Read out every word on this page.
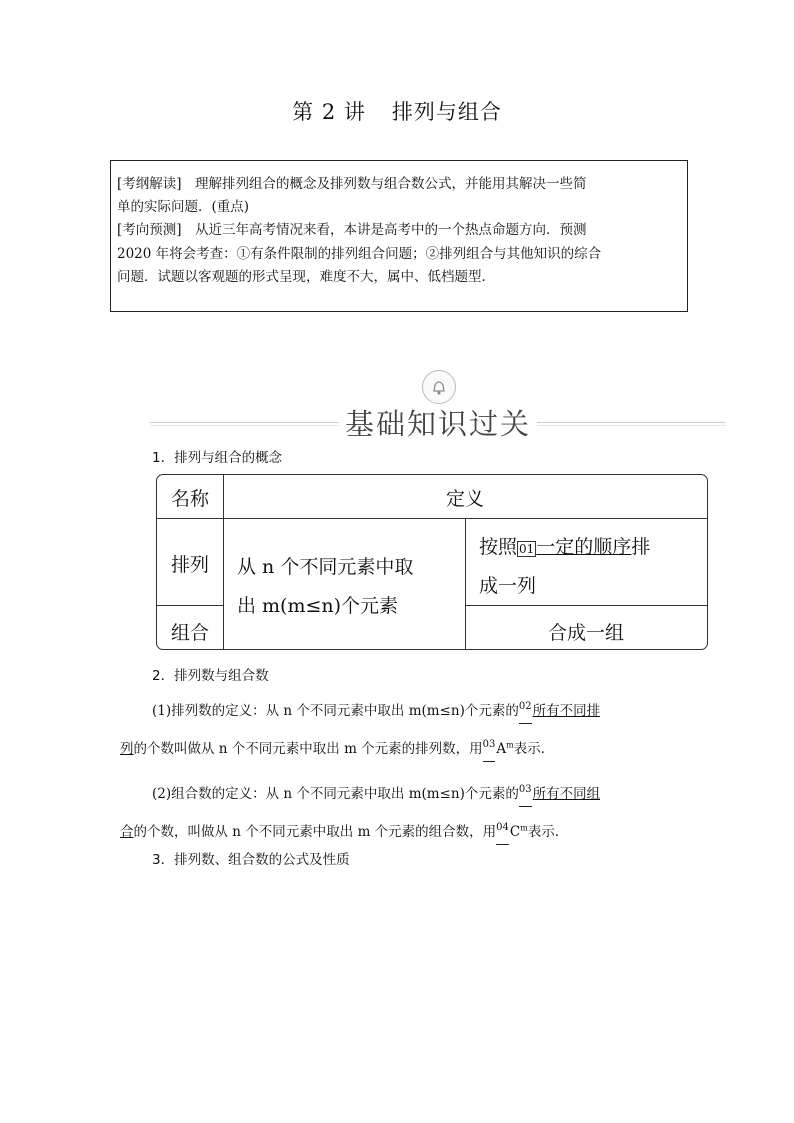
第 2 讲 排列与组合

[考纲解读]　理解排列组合的概念及排列数与组合数公式，并能用其解决一些简

单的实际问题．(重点)

[考向预测]　从近三年高考情况来看，本讲是高考中的一个热点命题方向．预测

2020 年将会考查：①有条件限制的排列组合问题；②排列组合与其他知识的综合

问题．试题以客观题的形式呈现，难度不大，属中、低档题型．

基础知识过关
1．排列与组合的概念
名称	定义
排列
组合
从 n 个不同元素中取
出 m(m≤n)个元素
按照 01 一定的顺序排
成一列
合成一组
2．排列数与组合数
(1)排列数的定义：从 n 个不同元素中取出 m(m≤n)个元素的02所有不同排
列的个数叫做从 n 个不同元素中取出 m 个元素的排列数，用$03A^m$表示．
(2)组合数的定义：从 n 个不同元素中取出 m(m≤n)个元素的03所有不同组
合的个数，叫做从 n 个不同元素中取出 m 个元素的组合数，用$04C^m$表示．
3．排列数、组合数的公式及性质
